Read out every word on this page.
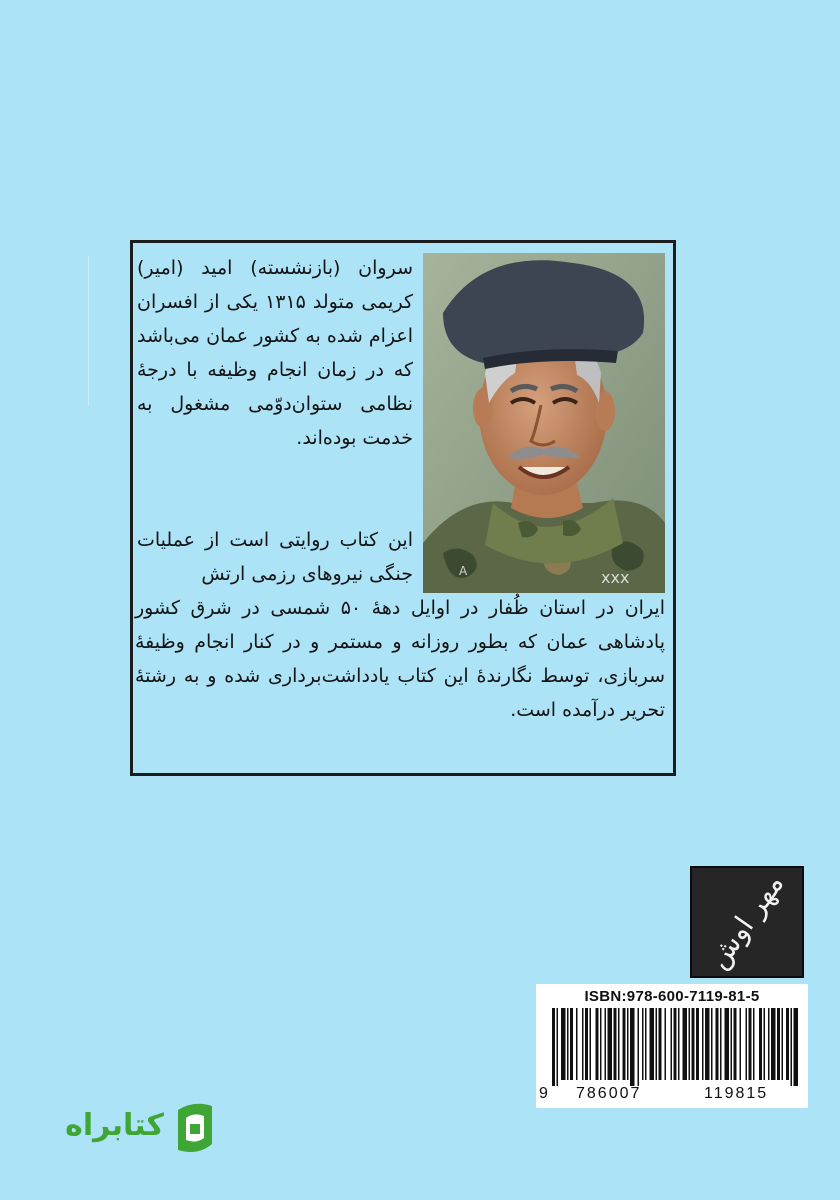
xxx
A

سروان (بازنشسته) امید (امیر) کریمی متولد ۱۳۱۵ یکی از افسران اعزام شده به کشور عمان می‌باشد که در زمان انجام وظیفه با درجهٔ نظامی ستوان‌دوّمی مشغول به خدمت بوده‌اند.

این کتاب روایتی است از عملیات جنگی نیروهای رزمی ارتش

ایران در استان ظُفار در اوایل دههٔ ۵۰ شمسی در شرق کشور پادشاهی عمان که بطور روزانه و مستمر و در کنار انجام وظیفهٔ سربازی، توسط نگارندهٔ این کتاب یادداشت‌برداری شده و به رشتهٔ تحریر درآمده است.

مهر اوش
ISBN:978-600-7119-81-5
9 786007	119815
کتابراه
